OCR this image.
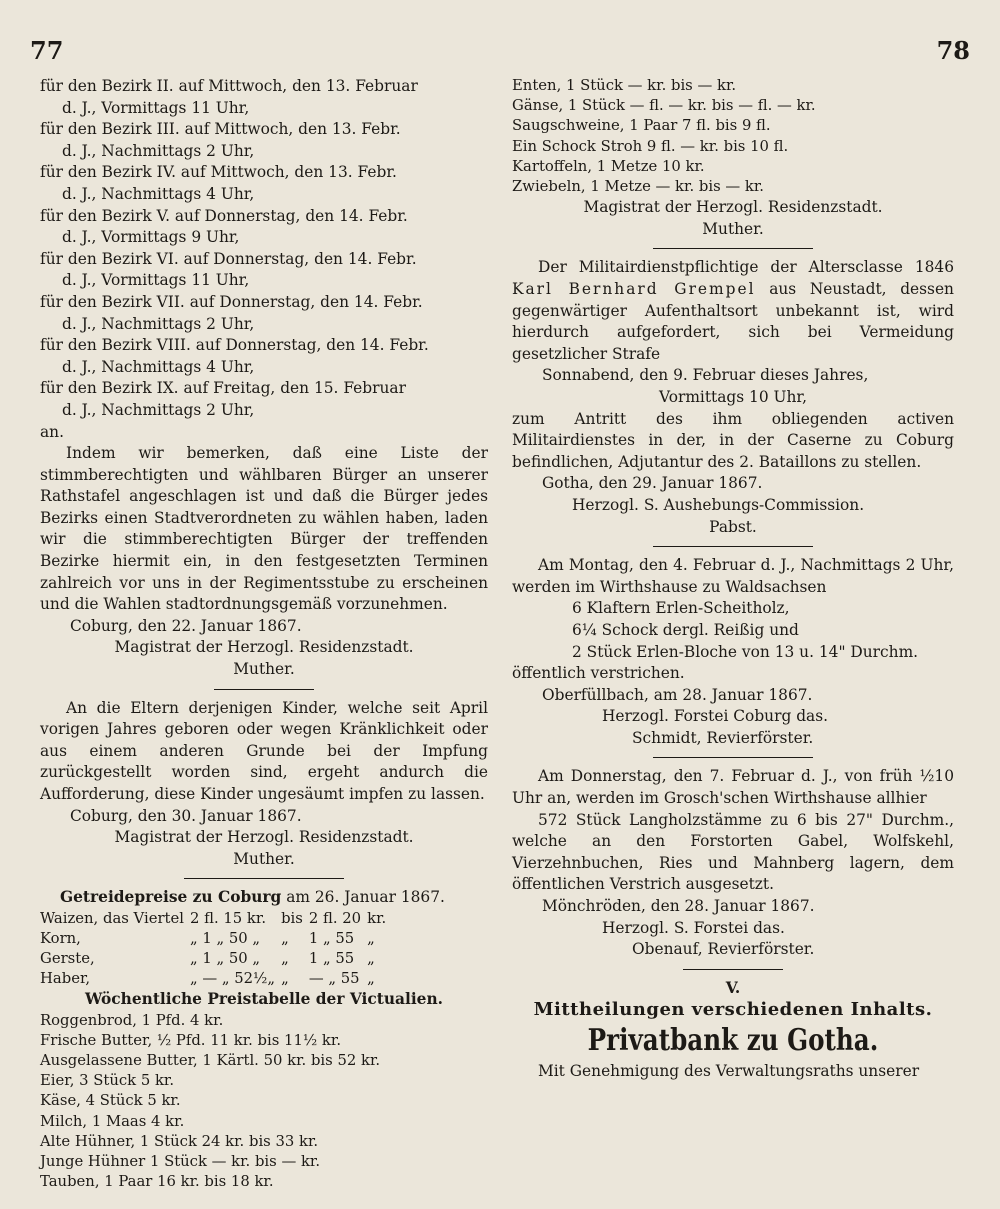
77	78
für den Bezirk II. auf Mittwoch, den 13. Februar
d. J., Vormittags 11 Uhr,
für den Bezirk III. auf Mittwoch, den 13. Febr.
d. J., Nachmittags 2 Uhr,
für den Bezirk IV. auf Mittwoch, den 13. Febr.
d. J., Nachmittags 4 Uhr,
für den Bezirk V. auf Donnerstag, den 14. Febr.
d. J., Vormittags 9 Uhr,
für den Bezirk VI. auf Donnerstag, den 14. Febr.
d. J., Vormittags 11 Uhr,
für den Bezirk VII. auf Donnerstag, den 14. Febr.
d. J., Nachmittags 2 Uhr,
für den Bezirk VIII. auf Donnerstag, den 14. Febr.
d. J., Nachmittags 4 Uhr,
für den Bezirk IX. auf Freitag, den 15. Februar
d. J., Nachmittags 2 Uhr,
an.
Indem wir bemerken, daß eine Liste der stimmberechtigten und wählbaren Bürger an unserer Rathstafel angeschlagen ist und daß die Bürger jedes Bezirks einen Stadtverordneten zu wählen haben, laden wir die stimmberechtigten Bürger der treffenden Bezirke hiermit ein, in den festgesetzten Terminen zahlreich vor uns in der Regimentsstube zu erscheinen und die Wahlen stadtordnungsgemäß vorzunehmen.
Coburg, den 22. Januar 1867.
Magistrat der Herzogl. Residenzstadt.
Muther.
An die Eltern derjenigen Kinder, welche seit April vorigen Jahres geboren oder wegen Kränklichkeit oder aus einem anderen Grunde bei der Impfung zurückgestellt worden sind, ergeht andurch die Aufforderung, diese Kinder ungesäumt impfen zu lassen.
Coburg, den 30. Januar 1867.
Magistrat der Herzogl. Residenzstadt.
Muther.
Getreidepreise zu Coburg am 26. Januar 1867.
Waizen, das Viertel	2 fl. 15 kr.	bis	2 fl. 20	kr.
Korn,	„ 1 „ 50 „	„	1 „ 55	„
Gerste,	„ 1 „ 50 „	„	1 „ 55	„
Haber,	„ — „ 52½„	„	— „ 55	„
Wöchentliche Preistabelle der Victualien.
Roggenbrod, 1 Pfd. 4 kr.
Frische Butter, ½ Pfd. 11 kr. bis 11½ kr.
Ausgelassene Butter, 1 Kärtl. 50 kr. bis 52 kr.
Eier, 3 Stück 5 kr.
Käse, 4 Stück 5 kr.
Milch, 1 Maas 4 kr.
Alte Hühner, 1 Stück 24 kr. bis 33 kr.
Junge Hühner 1 Stück — kr. bis — kr.
Tauben, 1 Paar 16 kr. bis 18 kr.
Enten, 1 Stück — kr. bis — kr.
Gänse, 1 Stück — fl. — kr. bis — fl. — kr.
Saugschweine, 1 Paar 7 fl. bis 9 fl.
Ein Schock Stroh 9 fl. — kr. bis 10 fl.
Kartoffeln, 1 Metze 10 kr.
Zwiebeln, 1 Metze — kr. bis — kr.
Magistrat der Herzogl. Residenzstadt.
Muther.
Der Militairdienstpflichtige der Altersclasse 1846 Karl Bernhard Grempel aus Neustadt, dessen gegenwärtiger Aufenthaltsort unbekannt ist, wird hierdurch aufgefordert, sich bei Vermeidung gesetzlicher Strafe
Sonnabend, den 9. Februar dieses Jahres,
Vormittags 10 Uhr,
zum Antritt des ihm obliegenden activen Militairdienstes in der, in der Caserne zu Coburg befindlichen, Adjutantur des 2. Bataillons zu stellen.
Gotha, den 29. Januar 1867.
Herzogl. S. Aushebungs-Commission.
Pabst.
Am Montag, den 4. Februar d. J., Nachmittags 2 Uhr, werden im Wirthshause zu Waldsachsen
6 Klaftern Erlen-Scheitholz,
6¼ Schock dergl. Reißig und
2 Stück Erlen-Bloche von 13 u. 14" Durchm.
öffentlich verstrichen.
Oberfüllbach, am 28. Januar 1867.
Herzogl. Forstei Coburg das.
Schmidt, Revierförster.
Am Donnerstag, den 7. Februar d. J., von früh ½10 Uhr an, werden im Grosch'schen Wirthshause allhier
572 Stück Langholzstämme zu 6 bis 27" Durchm., welche an den Forstorten Gabel, Wolfskehl, Vierzehnbuchen, Ries und Mahnberg lagern, dem öffentlichen Verstrich ausgesetzt.
Mönchröden, den 28. Januar 1867.
Herzogl. S. Forstei das.
Obenauf, Revierförster.
V.
Mittheilungen verschiedenen Inhalts.
Privatbank zu Gotha.
Mit Genehmigung des Verwaltungsraths unserer
